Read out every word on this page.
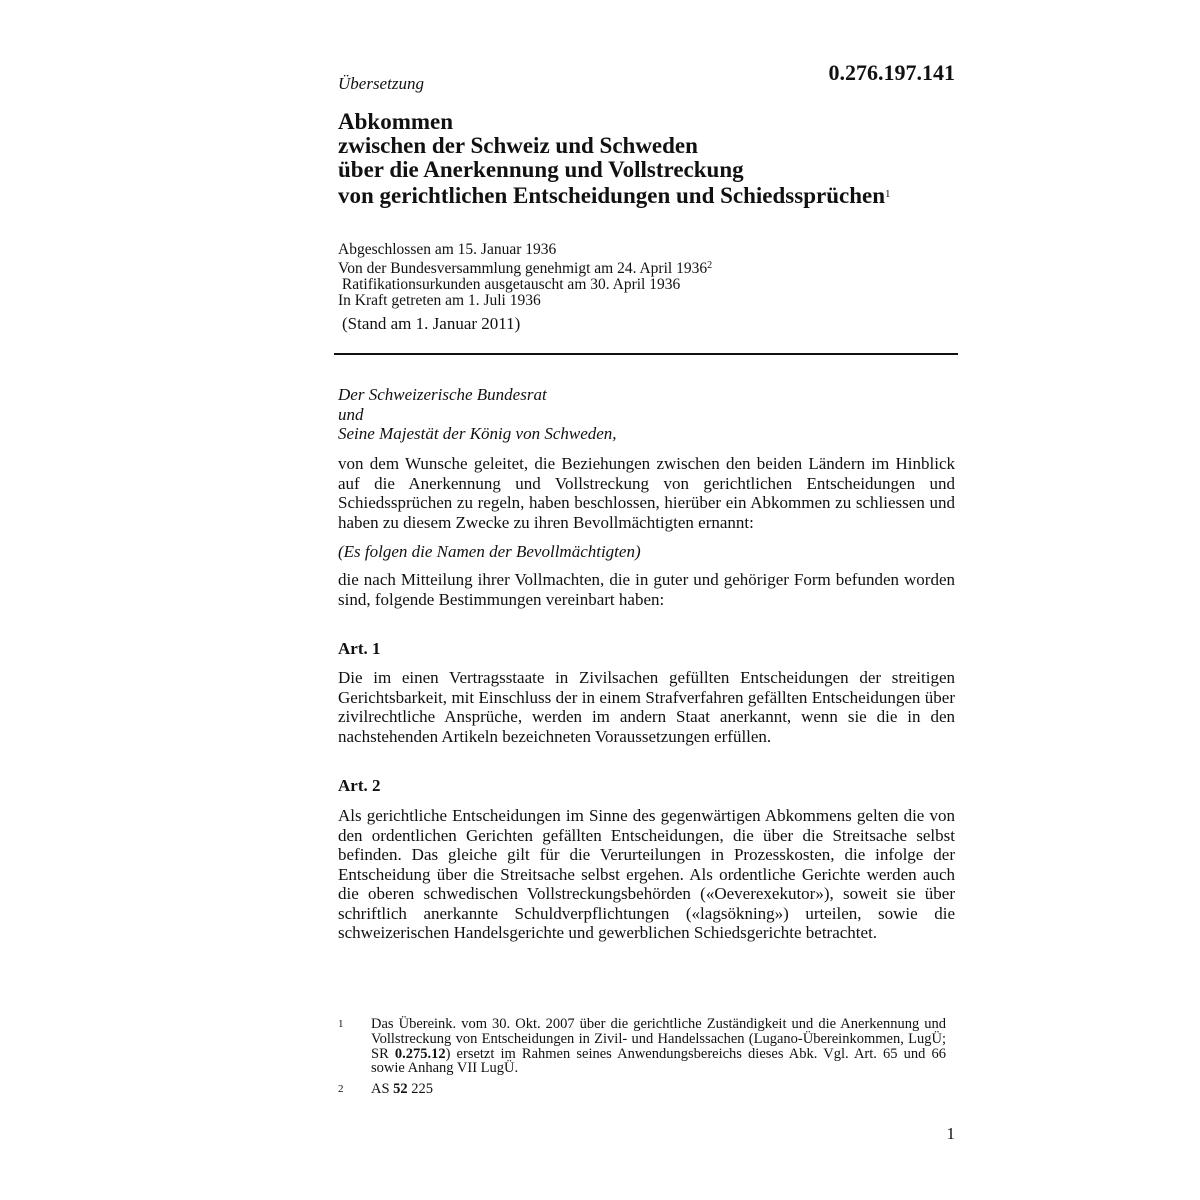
Übersetzung	0.276.197.141
Abkommen
zwischen der Schweiz und Schweden
über die Anerkennung und Vollstreckung
von gerichtlichen Entscheidungen und Schiedssprüchen$^1$
Abgeschlossen am 15. Januar 1936
Von der Bundesversammlung genehmigt am 24. April 1936$^2$
Ratifikationsurkunden ausgetauscht am 30. April 1936
In Kraft getreten am 1. Juli 1936
(Stand am 1. Januar 2011)
Der Schweizerische Bundesrat
und
Seine Majestät der König von Schweden,
von dem Wunsche geleitet, die Beziehungen zwischen den beiden Ländern im Hinblick auf die Anerkennung und Vollstreckung von gerichtlichen Entscheidungen und Schiedssprüchen zu regeln, haben beschlossen, hierüber ein Abkommen zu schliessen und haben zu diesem Zwecke zu ihren Bevollmächtigten ernannt:
(Es folgen die Namen der Bevollmächtigten)
die nach Mitteilung ihrer Vollmachten, die in guter und gehöriger Form befunden worden sind, folgende Bestimmungen vereinbart haben:
Art. 1
Die im einen Vertragsstaate in Zivilsachen gefüllten Entscheidungen der streitigen Gerichtsbarkeit, mit Einschluss der in einem Strafverfahren gefällten Entscheidungen über zivilrechtliche Ansprüche, werden im andern Staat anerkannt, wenn sie die in den nachstehenden Artikeln bezeichneten Voraussetzungen erfüllen.
Art. 2
Als gerichtliche Entscheidungen im Sinne des gegenwärtigen Abkommens gelten die von den ordentlichen Gerichten gefällten Entscheidungen, die über die Streitsache selbst befinden. Das gleiche gilt für die Verurteilungen in Prozesskosten, die infolge der Entscheidung über die Streitsache selbst ergehen. Als ordentliche Gerichte werden auch die oberen schwedischen Vollstreckungsbehörden («Oeverexekutor»), soweit sie über schriftlich anerkannte Schuldverpflichtungen («lagsökning») urteilen, sowie die schweizerischen Handelsgerichte und gewerblichen Schiedsgerichte betrachtet.
1 Das Übereink. vom 30. Okt. 2007 über die gerichtliche Zuständigkeit und die Anerkennung und Vollstreckung von Entscheidungen in Zivil- und Handelssachen (Lugano-Übereinkommen, LugÜ; SR 0.275.12) ersetzt im Rahmen seines Anwendungsbereichs dieses Abk. Vgl. Art. 65 und 66 sowie Anhang VII LugÜ.
2 AS 52 225
1
